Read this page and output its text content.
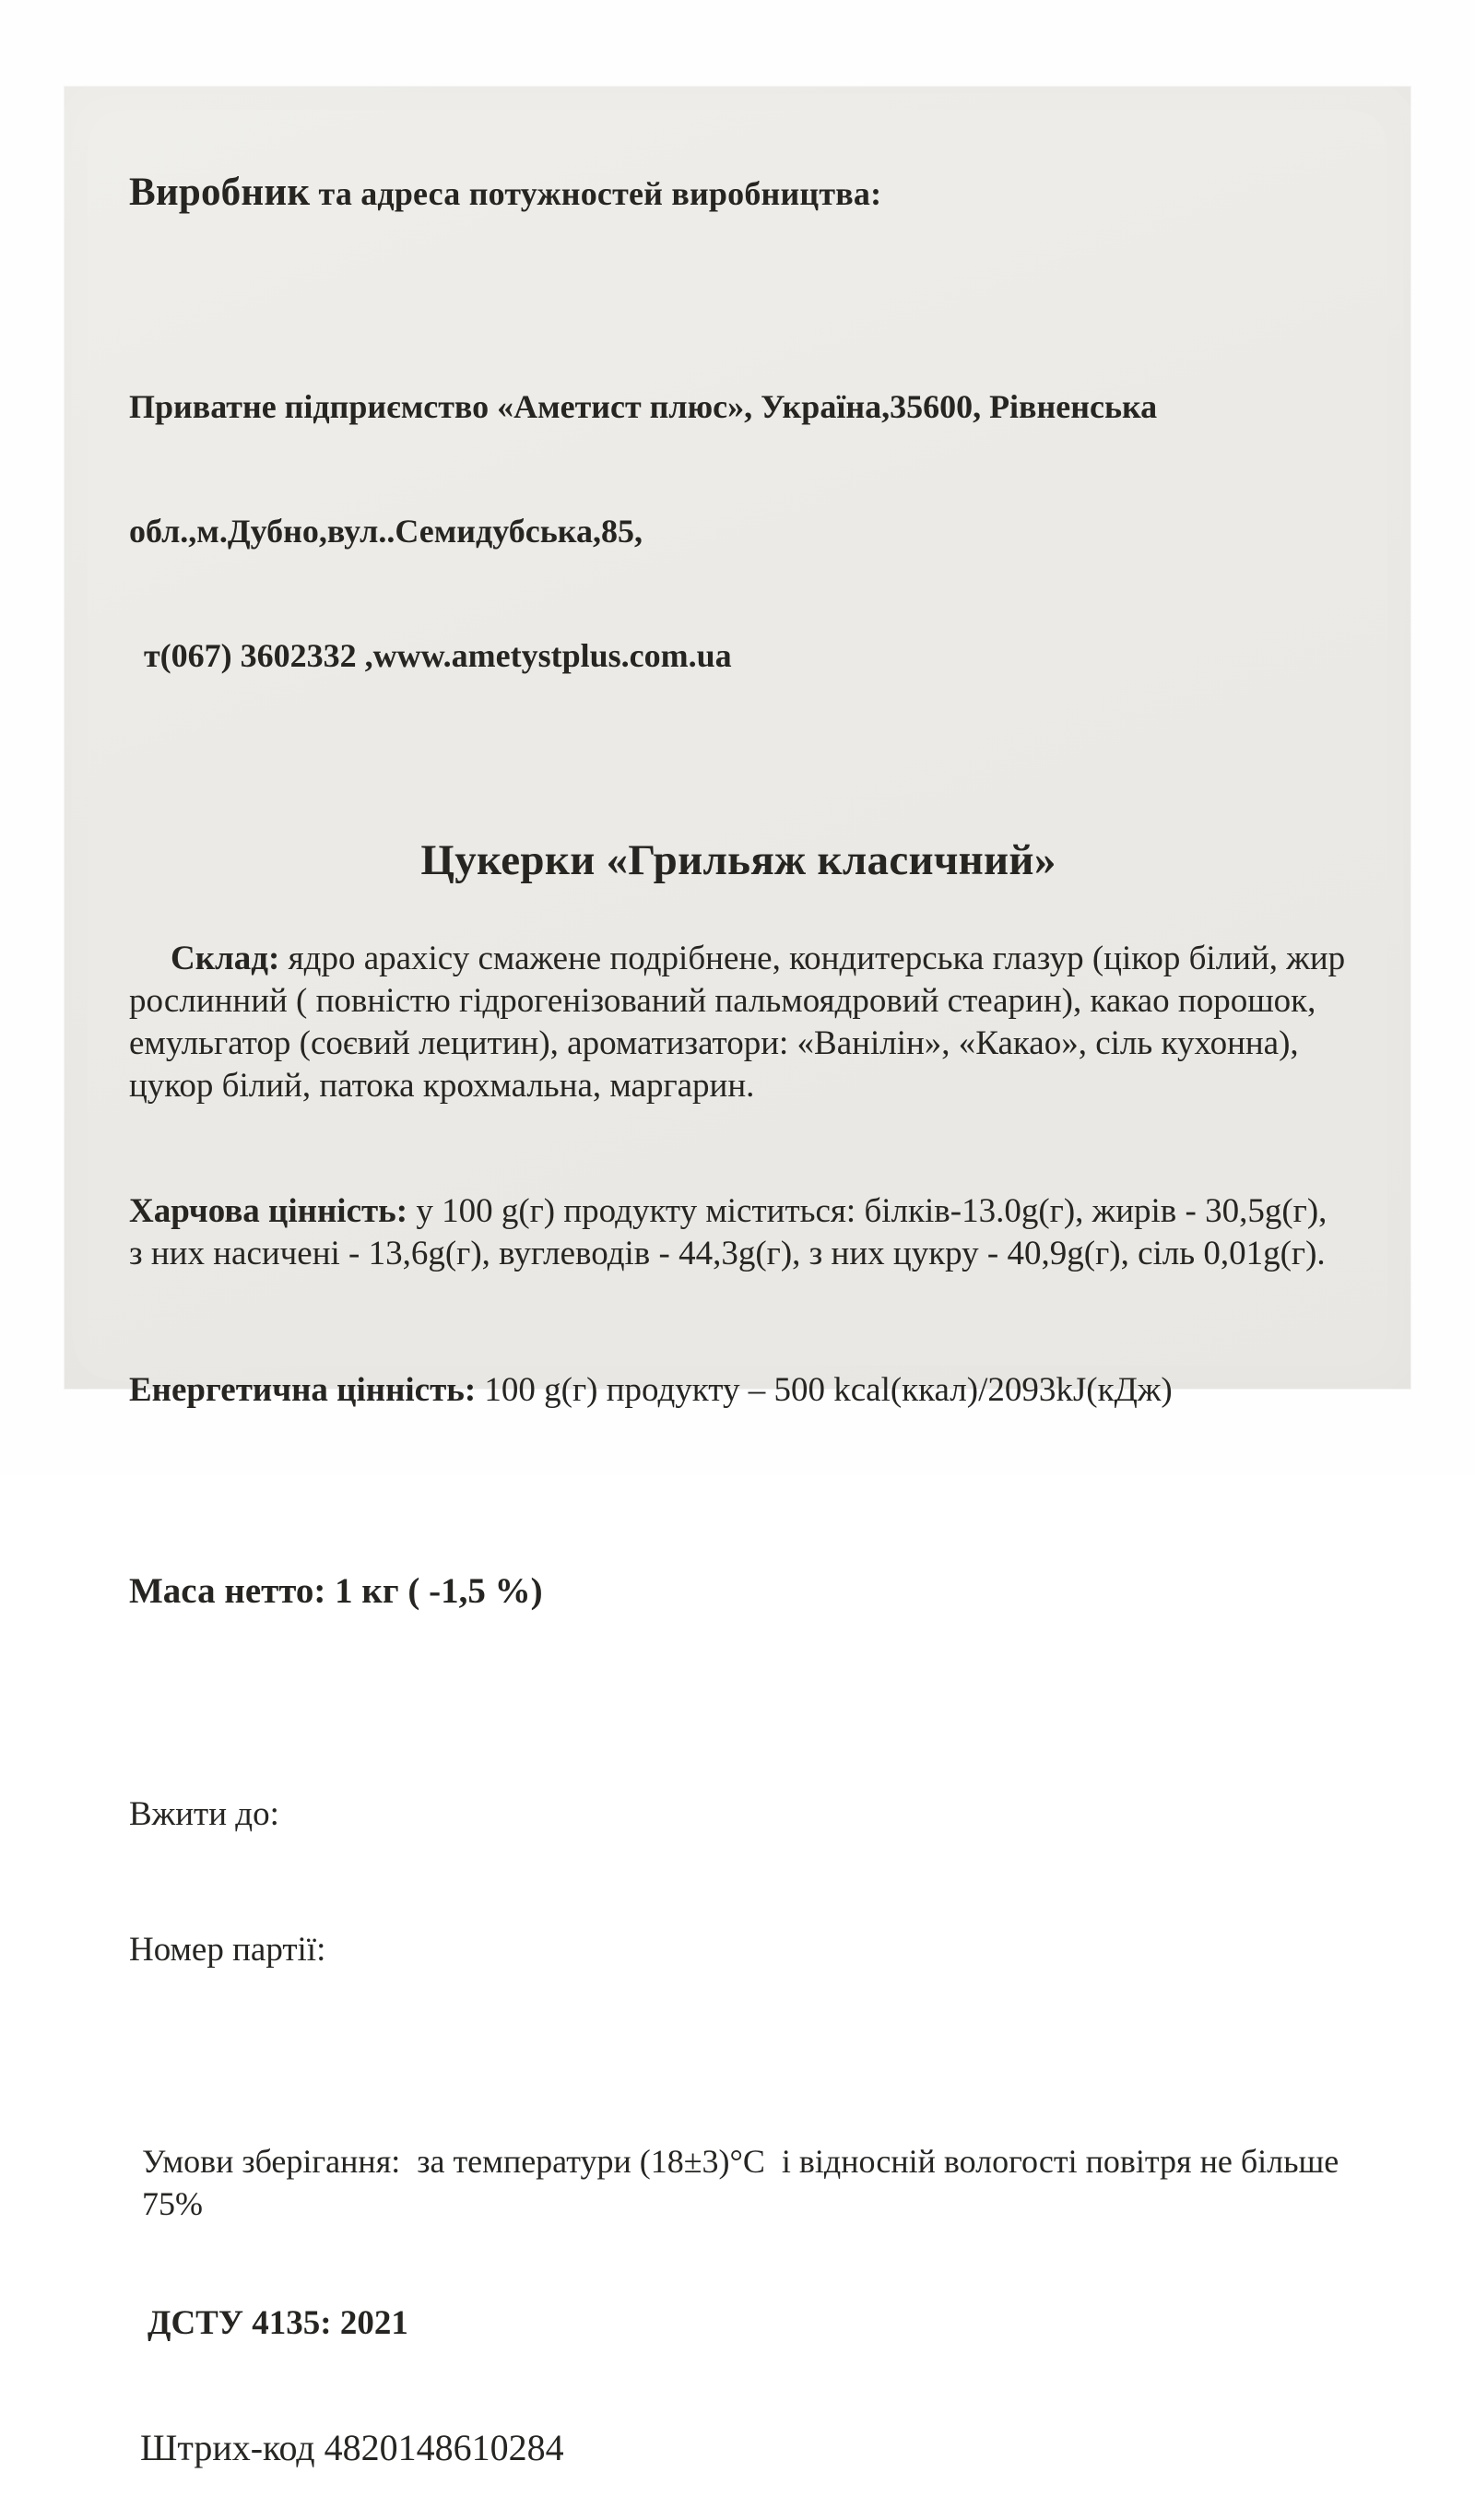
Виробник та адреса потужностей виробництва:

Приватне підприємство «Аметист плюс», Україна,35600, Рівненська

обл.,м.Дубно,вул..Семидубська,85,

т(067) 3602332 ,www.ametystplus.com.ua

Цукерки «Грильяж класичний»

Склад: ядро арахісу смажене подрібнене, кондитерська глазур (цікор білий, жир рослинний ( повністю гідрогенізований пальмоядровий стеарин), какао порошок, емульгатор (соєвий лецитин), ароматизатори: «Ванілін», «Какао», сіль кухонна), цукор білий, патока крохмальна, маргарин.

Харчова цінність: у 100 g(г) продукту міститься: білків-13.0g(г), жирів - 30,5g(г), з них насичені - 13,6g(г), вуглеводів - 44,3g(г), з них цукру - 40,9g(г), сіль 0,01g(г).

Енергетична цінність: 100 g(г) продукту – 500 kcal(ккал)/2093kJ(кДж)

Маса нетто: 1 кг ( -1,5 %)

Вжити до:

Номер партії:

Умови зберігання:  за температури (18±3)°С  і відносній вологості повітря не більше 75%

ДСТУ 4135: 2021

Штрих-код 4820148610284
